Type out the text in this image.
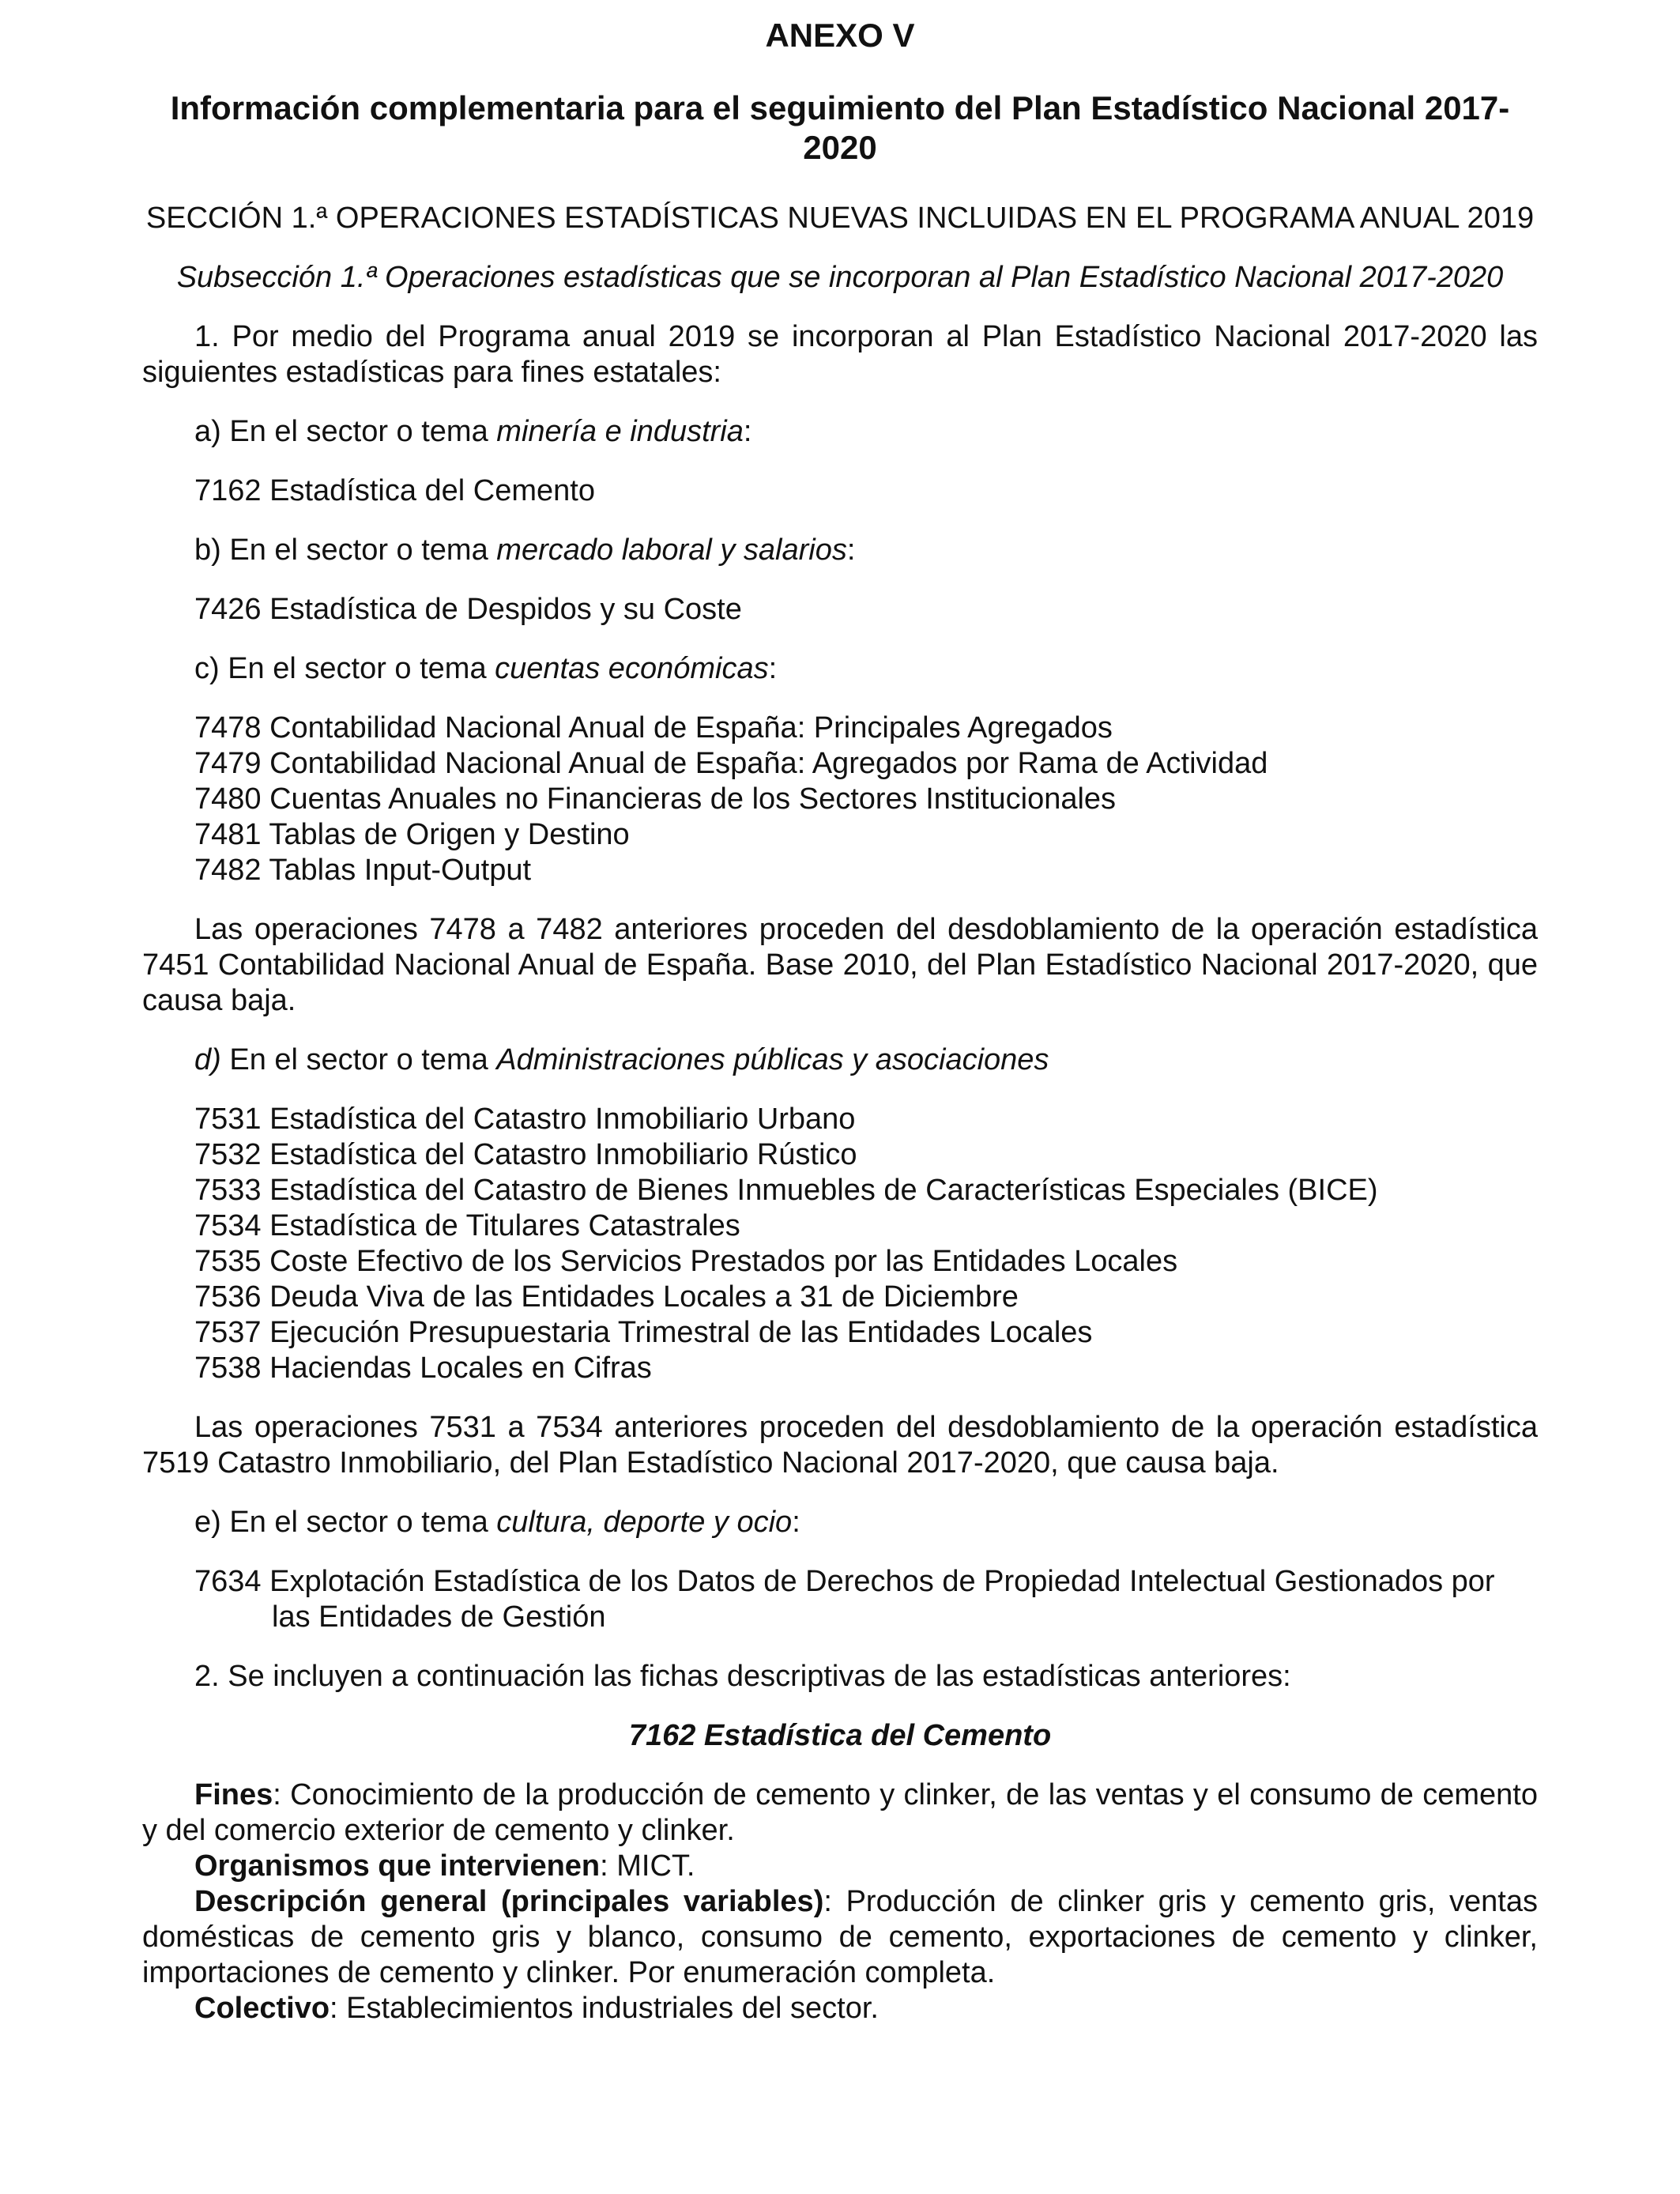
ANEXO V
Información complementaria para el seguimiento del Plan Estadístico Nacional 2017-2020
SECCIÓN 1.ª OPERACIONES ESTADÍSTICAS NUEVAS INCLUIDAS EN EL PROGRAMA ANUAL 2019
Subsección 1.ª Operaciones estadísticas que se incorporan al Plan Estadístico Nacional 2017-2020
1. Por medio del Programa anual 2019 se incorporan al Plan Estadístico Nacional 2017-2020 las siguientes estadísticas para fines estatales:
a) En el sector o tema minería e industria:
7162 Estadística del Cemento
b) En el sector o tema mercado laboral y salarios:
7426 Estadística de Despidos y su Coste
c) En el sector o tema cuentas económicas:
7478 Contabilidad Nacional Anual de España: Principales Agregados
7479 Contabilidad Nacional Anual de España: Agregados por Rama de Actividad
7480 Cuentas Anuales no Financieras de los Sectores Institucionales
7481 Tablas de Origen y Destino
7482 Tablas Input-Output
Las operaciones 7478 a 7482 anteriores proceden del desdoblamiento de la operación estadística 7451 Contabilidad Nacional Anual de España. Base 2010, del Plan Estadístico Nacional 2017-2020, que causa baja.
d) En el sector o tema Administraciones públicas y asociaciones
7531 Estadística del Catastro Inmobiliario Urbano
7532 Estadística del Catastro Inmobiliario Rústico
7533 Estadística del Catastro de Bienes Inmuebles de Características Especiales (BICE)
7534 Estadística de Titulares Catastrales
7535 Coste Efectivo de los Servicios Prestados por las Entidades Locales
7536 Deuda Viva de las Entidades Locales a 31 de Diciembre
7537 Ejecución Presupuestaria Trimestral de las Entidades Locales
7538 Haciendas Locales en Cifras
Las operaciones 7531 a 7534 anteriores proceden del desdoblamiento de la operación estadística 7519 Catastro Inmobiliario, del Plan Estadístico Nacional 2017-2020, que causa baja.
e) En el sector o tema cultura, deporte y ocio:
7634 Explotación Estadística de los Datos de Derechos de Propiedad Intelectual Gestionados por las Entidades de Gestión
2. Se incluyen a continuación las fichas descriptivas de las estadísticas anteriores:
7162 Estadística del Cemento
Fines: Conocimiento de la producción de cemento y clinker, de las ventas y el consumo de cemento y del comercio exterior de cemento y clinker.
Organismos que intervienen: MICT.
Descripción general (principales variables): Producción de clinker gris y cemento gris, ventas domésticas de cemento gris y blanco, consumo de cemento, exportaciones de cemento y clinker, importaciones de cemento y clinker. Por enumeración completa.
Colectivo: Establecimientos industriales del sector.
